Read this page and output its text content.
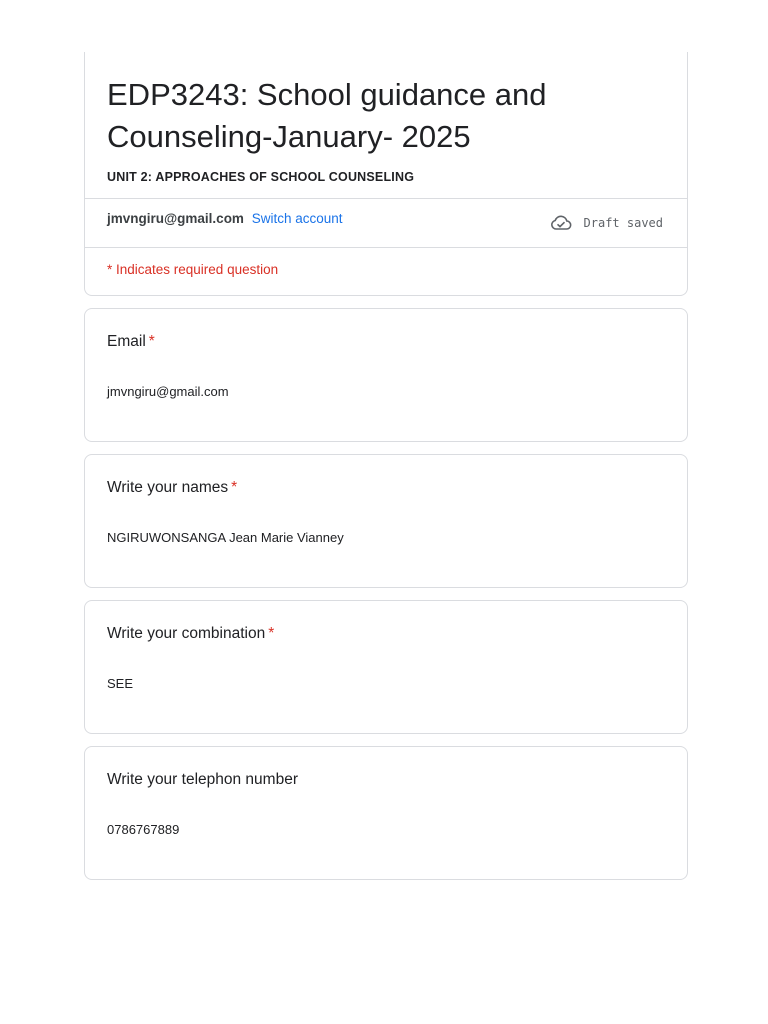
EDP3243: School guidance and
Counseling-January- 2025
UNIT 2: APPROACHES OF SCHOOL COUNSELING
jmvngiru@gmail.com Switch account	Draft saved
* Indicates required question
Email *
jmvngiru@gmail.com
Write your names *
NGIRUWONSANGA Jean Marie Vianney
Write your combination *
SEE
Write your telephon number
0786767889
